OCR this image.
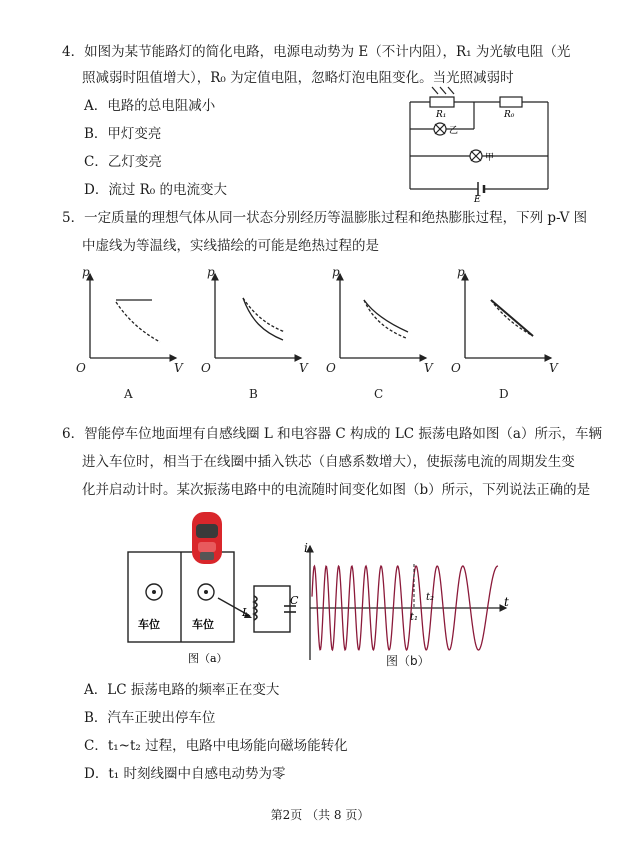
4．如图为某节能路灯的简化电路，电源电动势为 E（不计内阻），R₁ 为光敏电阻（光
照减弱时阻值增大），R₀ 为定值电阻，忽略灯泡电阻变化。当光照减弱时
A．电路的总电阻减小
B．甲灯变亮
C．乙灯变亮
D．流过 R₀ 的电流变大
R₁	R₀
乙
甲
E
5．一定质量的理想气体从同一状态分别经历等温膨胀过程和绝热膨胀过程，下列 p-V 图
中虚线为等温线，实线描绘的可能是绝热过程的是
p
O	V
p
O	V
p
O	V
p
O	V
A	B	C	D
6．智能停车位地面埋有自感线圈 L 和电容器 C 构成的 LC 振荡电路如图（a）所示，车辆
进入车位时，相当于在线圈中插入铁芯（自感系数增大），使振荡电流的周期发生变
化并启动计时。某次振荡电路中的电流随时间变化如图（b）所示，下列说法正确的是
车位	车位
L
C
图（a）
i
t
t₁
t₂
图（b）
A．LC 振荡电路的频率正在变大
B．汽车正驶出停车位
C．t₁~t₂ 过程，电路中电场能向磁场能转化
D．t₁ 时刻线圈中自感电动势为零
第2页 （共 8 页）
